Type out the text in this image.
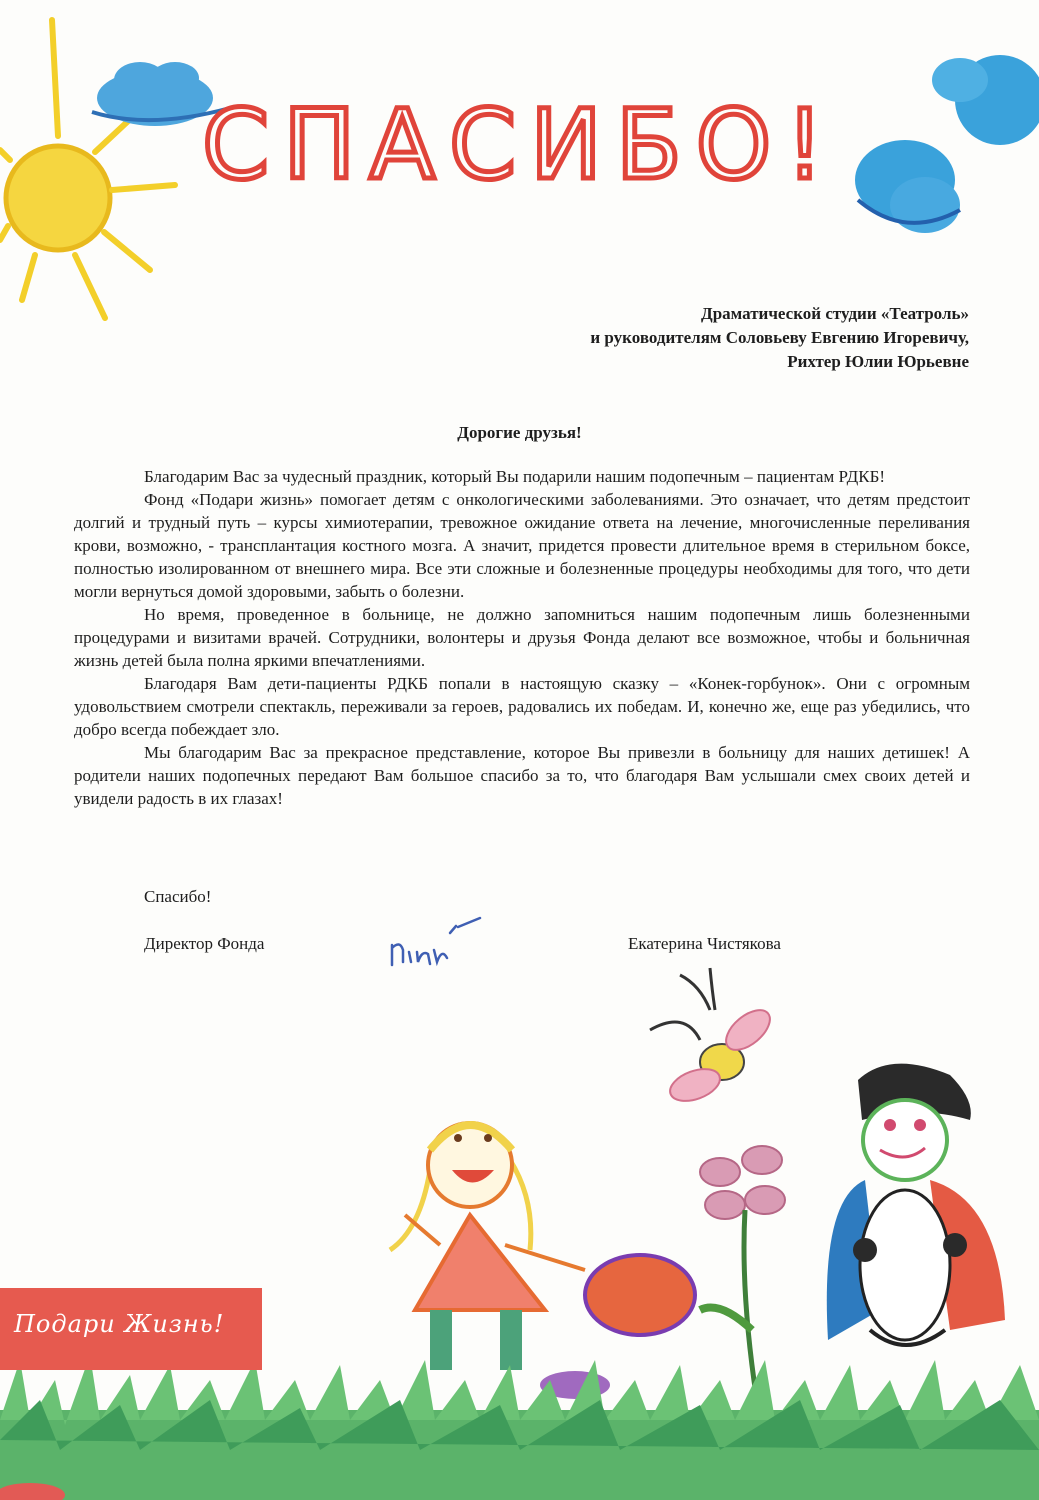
СПАСИБО!
Драматической студии «Театроль»
и руководителям Соловьеву Евгению Игоревичу,
Рихтер Юлии Юрьевне
Дорогие друзья!

Благодарим Вас за чудесный праздник, который Вы подарили нашим подопечным – пациентам РДКБ!

Фонд «Подари жизнь» помогает детям с онкологическими заболеваниями. Это означает, что детям предстоит долгий и трудный путь – курсы химиотерапии, тревожное ожидание ответа на лечение, многочисленные переливания крови, возможно, - трансплантация костного мозга. А значит, придется провести длительное время в стерильном боксе, полностью изолированном от внешнего мира. Все эти сложные и болезненные процедуры необходимы для того, что дети могли вернуться домой здоровыми, забыть о болезни.

Но время, проведенное в больнице, не должно запомниться нашим подопечным лишь болезненными процедурами и визитами врачей. Сотрудники, волонтеры и друзья Фонда делают все возможное, чтобы и больничная жизнь детей была полна яркими впечатлениями.

Благодаря Вам дети-пациенты РДКБ попали в настоящую сказку – «Конек-горбунок». Они с огромным удовольствием смотрели спектакль, переживали за героев, радовались их победам. И, конечно же, еще раз убедились, что добро всегда побеждает зло.

Мы благодарим Вас за прекрасное представление, которое Вы привезли в больницу для наших детишек! А родители наших подопечных передают Вам большое спасибо за то, что благодаря Вам услышали смех своих детей и увидели радость в их глазах!

Спасибо!
Директор Фонда	Екатерина Чистякова
Подари Жизнь!
